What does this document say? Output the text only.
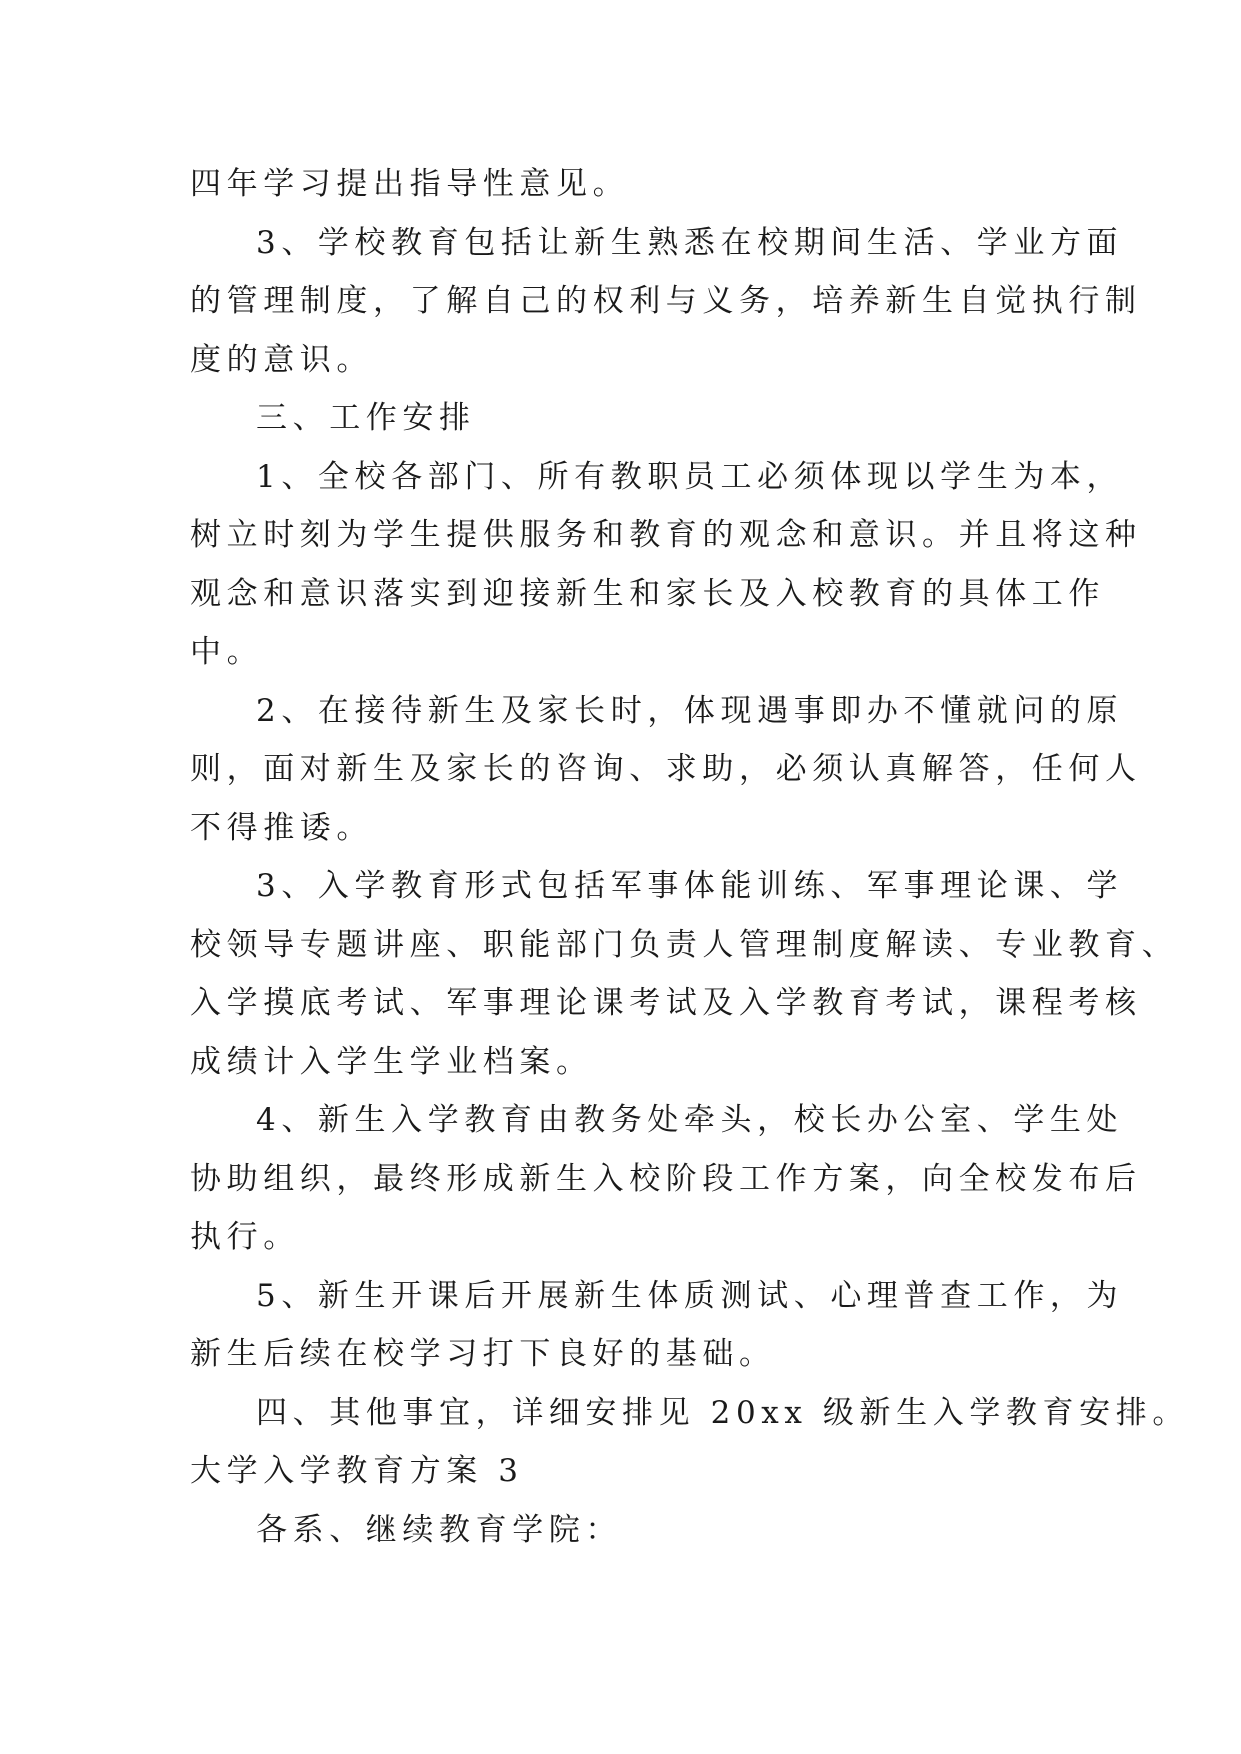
四年学习提出指导性意见。
3、学校教育包括让新生熟悉在校期间生活、学业方面
的管理制度，了解自己的权利与义务，培养新生自觉执行制
度的意识。
三、工作安排
1、全校各部门、所有教职员工必须体现以学生为本，
树立时刻为学生提供服务和教育的观念和意识。并且将这种
观念和意识落实到迎接新生和家长及入校教育的具体工作
中。
2、在接待新生及家长时，体现遇事即办不懂就问的原
则，面对新生及家长的咨询、求助，必须认真解答，任何人
不得推诿。
3、入学教育形式包括军事体能训练、军事理论课、学
校领导专题讲座、职能部门负责人管理制度解读、专业教育、
入学摸底考试、军事理论课考试及入学教育考试，课程考核
成绩计入学生学业档案。
4、新生入学教育由教务处牵头，校长办公室、学生处
协助组织，最终形成新生入校阶段工作方案，向全校发布后
执行。
5、新生开课后开展新生体质测试、心理普查工作，为
新生后续在校学习打下良好的基础。
四、其他事宜，详细安排见 20xx 级新生入学教育安排。
大学入学教育方案 3
各系、继续教育学院：
